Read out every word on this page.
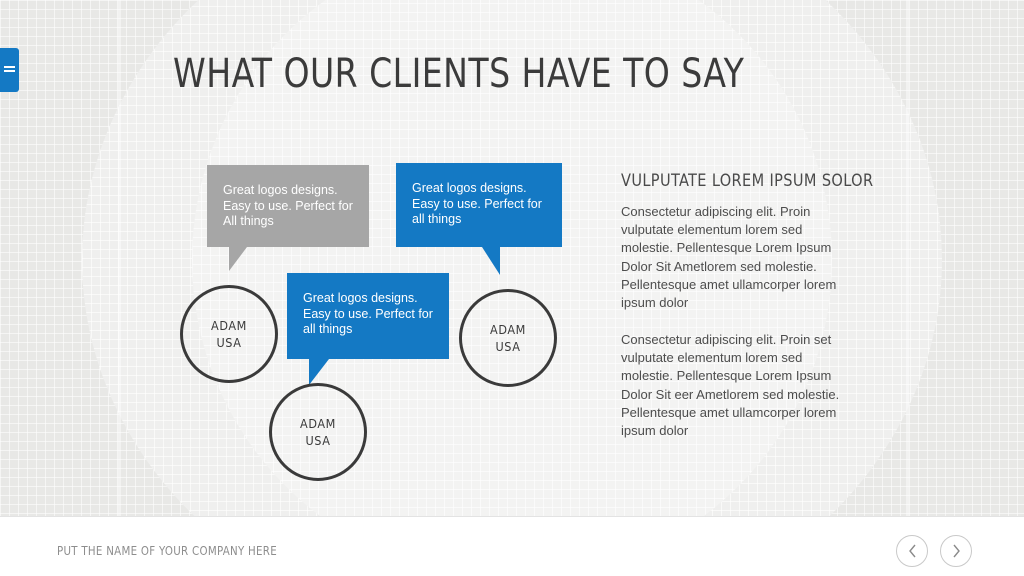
WHAT OUR CLIENTS HAVE TO SAY
Great logos designs. Easy to use. Perfect for All things
Great logos designs. Easy to use. Perfect for all things
Great logos designs. Easy to use. Perfect for all things
ADAM
USA
ADAM
USA
ADAM
USA
VULPUTATE LOREM IPSUM SOLOR
Consectetur adipiscing elit. Proin vulputate elementum lorem sed molestie. Pellentesque Lorem Ipsum Dolor Sit Ametlorem sed molestie. Pellentesque amet ullamcorper lorem ipsum dolor
Consectetur adipiscing elit. Proin set vulputate elementum lorem sed molestie. Pellentesque Lorem Ipsum Dolor Sit eer Ametlorem sed molestie. Pellentesque amet ullamcorper lorem ipsum dolor
PUT THE NAME OF YOUR COMPANY HERE
